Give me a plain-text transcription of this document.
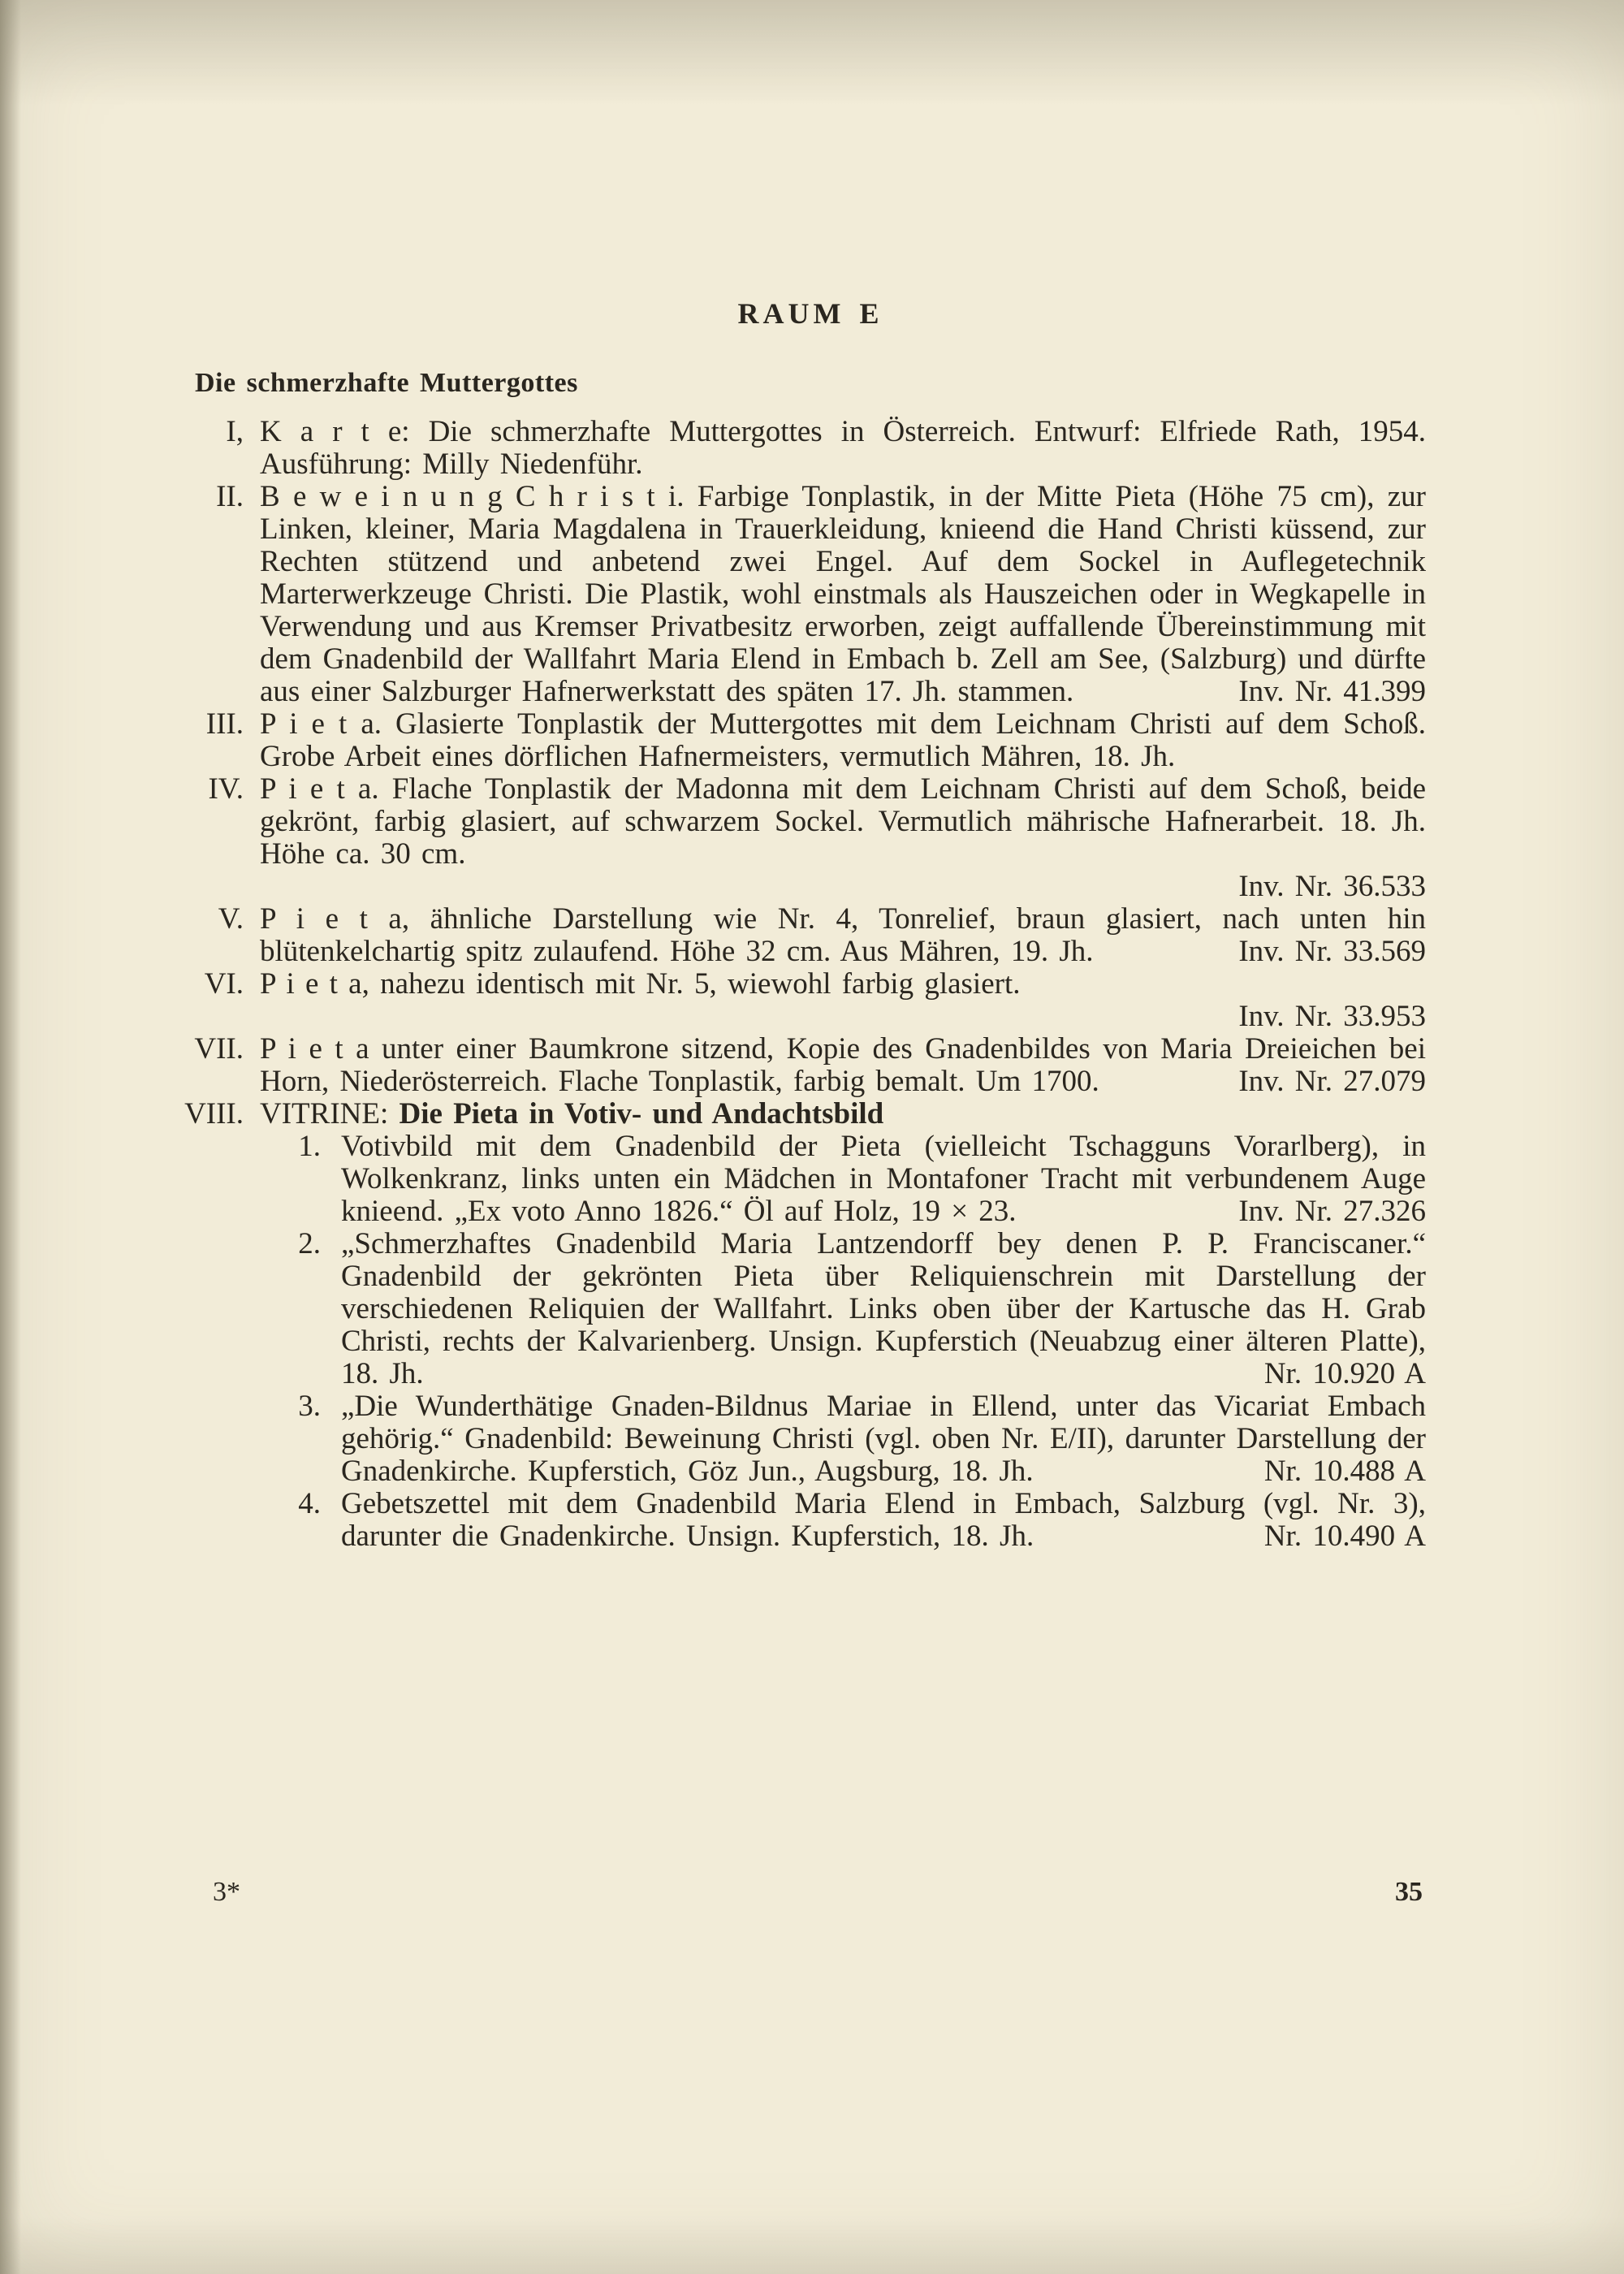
RAUM E
Die schmerzhafte Muttergottes
I, K a r t e: Die schmerzhafte Muttergottes in Österreich. Entwurf: Elfriede Rath, 1954. Ausführung: Milly Niedenführ.

II. B e w e i n u n g C h r i s t i. Farbige Tonplastik, in der Mitte Pieta (Höhe 75 cm), zur Linken, kleiner, Maria Magdalena in Trauerkleidung, knieend die Hand Christi küssend, zur Rechten stützend und anbetend zwei Engel. Auf dem Sockel in Auflegetechnik Marterwerkzeuge Christi. Die Plastik, wohl einstmals als Hauszeichen oder in Wegkapelle in Verwendung und aus Kremser Privatbesitz erworben, zeigt auffallende Übereinstimmung mit dem Gnadenbild der Wallfahrt Maria Elend in Embach b. Zell am See, (Salzburg) und dürfte aus einer Salzburger Hafnerwerkstatt des späten 17. Jh. stammen.	Inv. Nr. 41.399

III. P i e t a. Glasierte Tonplastik der Muttergottes mit dem Leichnam Christi auf dem Schoß. Grobe Arbeit eines dörflichen Hafnermeisters, vermutlich Mähren, 18. Jh.

IV. P i e t a. Flache Tonplastik der Madonna mit dem Leichnam Christi auf dem Schoß, beide gekrönt, farbig glasiert, auf schwarzem Sockel. Vermutlich mährische Hafnerarbeit. 18. Jh. Höhe ca. 30 cm.
Inv. Nr. 36.533

V. P i e t a, ähnliche Darstellung wie Nr. 4, Tonrelief, braun glasiert, nach unten hin blütenkelchartig spitz zulaufend. Höhe 32 cm. Aus Mähren, 19. Jh.	Inv. Nr. 33.569

VI. P i e t a, nahezu identisch mit Nr. 5, wiewohl farbig glasiert.
Inv. Nr. 33.953

VII. P i e t a unter einer Baumkrone sitzend, Kopie des Gnadenbildes von Maria Dreieichen bei Horn, Niederösterreich. Flache Tonplastik, farbig bemalt. Um 1700.	Inv. Nr. 27.079

VIII. VITRINE: Die Pieta in Votiv- und Andachtsbild

1. Votivbild mit dem Gnadenbild der Pieta (vielleicht Tschagguns Vorarlberg), in Wolkenkranz, links unten ein Mädchen in Montafoner Tracht mit verbundenem Auge knieend. „Ex voto Anno 1826.“ Öl auf Holz, 19 × 23.	Inv. Nr. 27.326

2. „Schmerzhaftes Gnadenbild Maria Lantzendorff bey denen P. P. Franciscaner.“ Gnadenbild der gekrönten Pieta über Reliquienschrein mit Darstellung der verschiedenen Reliquien der Wallfahrt. Links oben über der Kartusche das H. Grab Christi, rechts der Kalvarienberg. Unsign. Kupferstich (Neuabzug einer älteren Platte), 18. Jh.	Nr. 10.920 A

3. „Die Wunderthätige Gnaden-Bildnus Mariae in Ellend, unter das Vicariat Embach gehörig.“ Gnadenbild: Beweinung Christi (vgl. oben Nr. E/II), darunter Darstellung der Gnadenkirche. Kupferstich, Göz Jun., Augsburg, 18. Jh.	Nr. 10.488 A

4. Gebetszettel mit dem Gnadenbild Maria Elend in Embach, Salzburg (vgl. Nr. 3), darunter die Gnadenkirche. Unsign. Kupferstich, 18. Jh.	Nr. 10.490 A

3*	35
